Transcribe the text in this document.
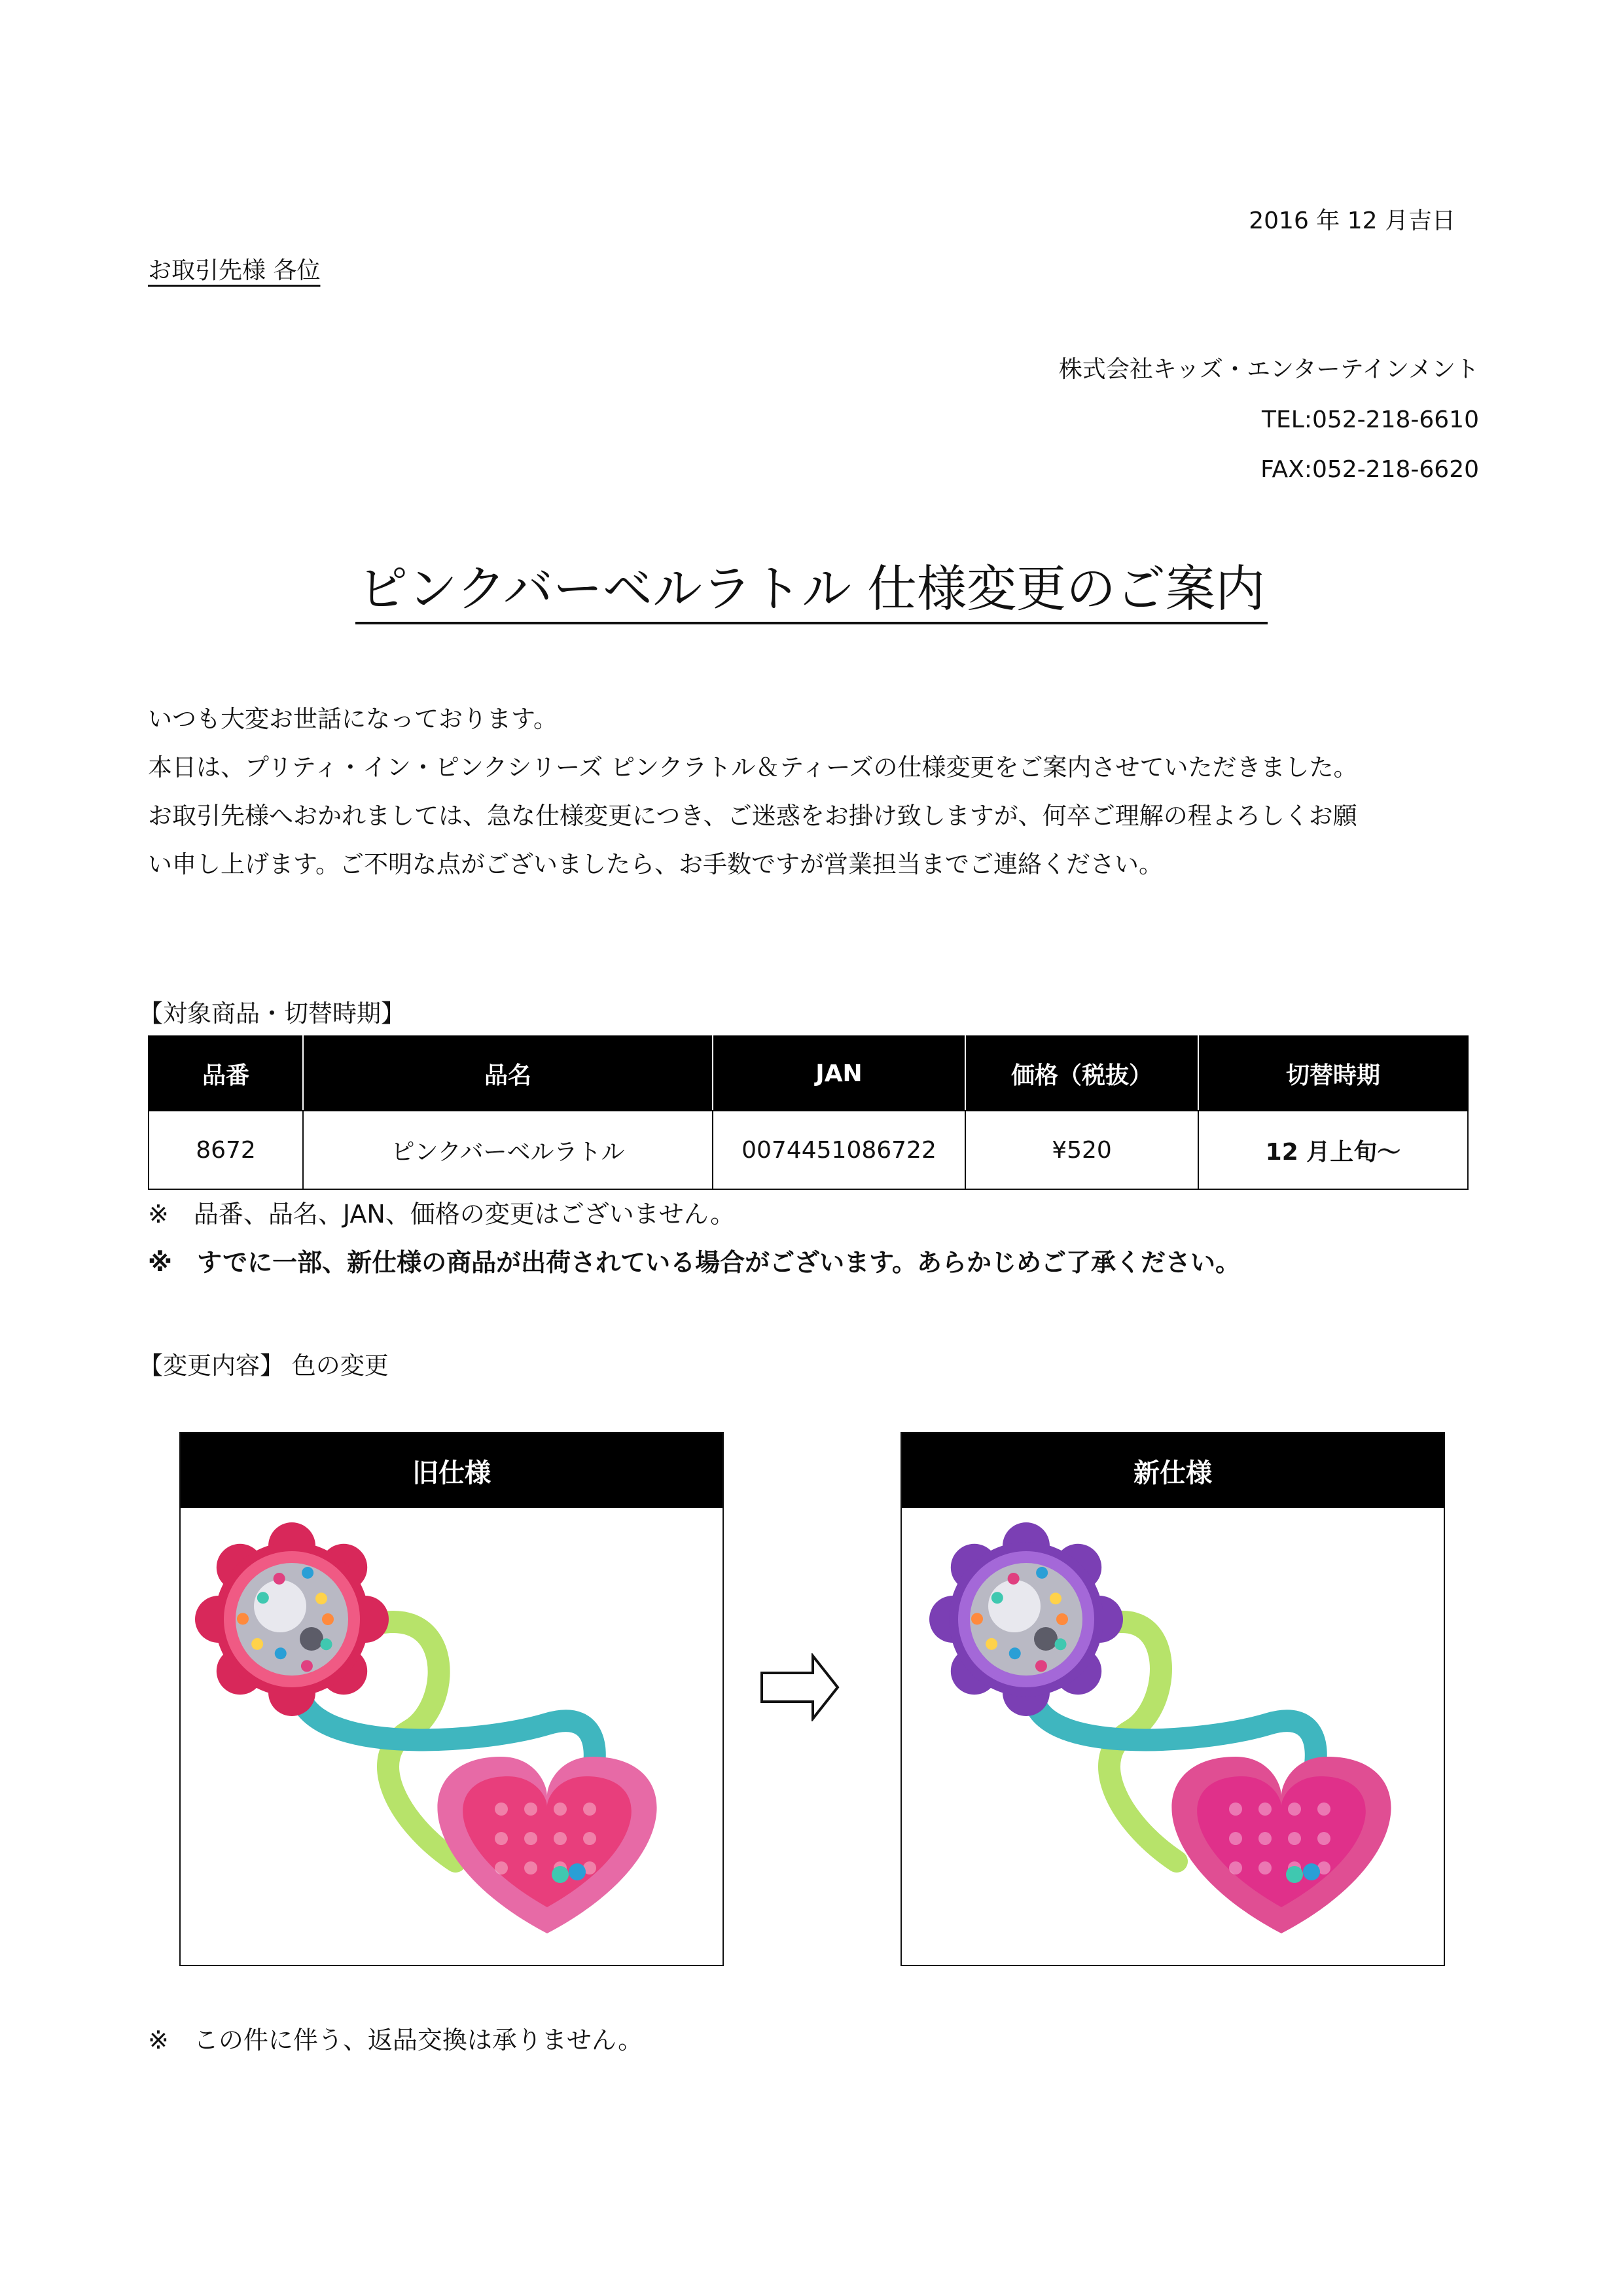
2016 年 12 月吉日
お取引先様 各位
株式会社キッズ・エンターテインメント
TEL:052-218-6610
FAX:052-218-6620
ピンクバーベルラトル 仕様変更のご案内
いつも大変お世話になっております。
本日は、プリティ・イン・ピンクシリーズ ピンクラトル＆ティーズの仕様変更をご案内させていただきました。
お取引先様へおかれましては、急な仕様変更につき、ご迷惑をお掛け致しますが、何卒ご理解の程よろしくお願
い申し上げます。ご不明な点がございましたら、お手数ですが営業担当までご連絡ください。
【対象商品・切替時期】
品番	品名	JAN	価格（税抜）	切替時期
8672	ピンクバーベルラトル	0074451086722	¥520	12 月上旬～
※　品番、品名、JAN、価格の変更はございません。
※　すでに一部、新仕様の商品が出荷されている場合がございます。あらかじめご了承ください。
【変更内容】 色の変更
旧仕様	新仕様
※　この件に伴う、返品交換は承りません。
